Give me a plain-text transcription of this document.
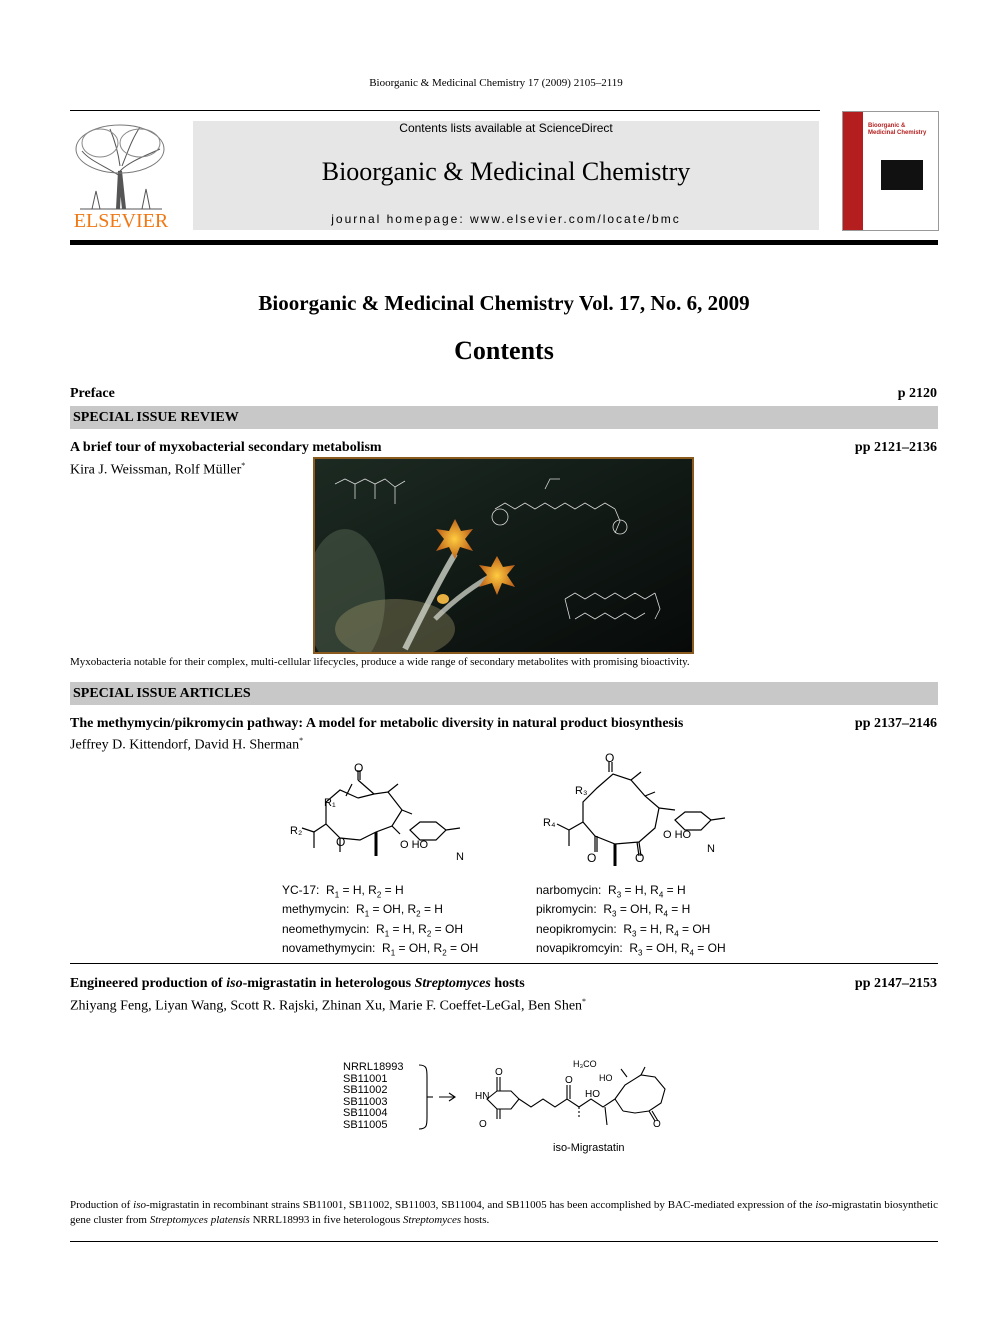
Bioorganic & Medicinal Chemistry 17 (2009) 2105–2119
ELSEVIER
Contents lists available at ScienceDirect
Bioorganic & Medicinal Chemistry
journal homepage: www.elsevier.com/locate/bmc
Bioorganic & Medicinal Chemistry
Bioorganic & Medicinal Chemistry Vol. 17, No. 6, 2009
Contents
Preface	p 2120
SPECIAL ISSUE REVIEW
A brief tour of myxobacterial secondary metabolism	pp 2121–2136
Kira J. Weissman, Rolf Müller*
Myxobacteria notable for their complex, multi-cellular lifecycles, produce a wide range of secondary metabolites with promising bioactivity.
SPECIAL ISSUE ARTICLES
The methymycin/pikromycin pathway: A model for metabolic diversity in natural product biosynthesis	pp 2137–2146
Jeffrey D. Kittendorf, David H. Sherman*
O
R₁
R₂
O	O HO
N
O
R₃
R₄
O	O
O HO
N
YC-17:  $R_1 = H$, $R_2 = H$
methymycin:  $R_1$ = OH, $R_2 = H$
neomethymycin:  $R_1 = H$, $R_2$ = OH
novamethymycin:  $R_1$ = OH, $R_2$ = OH
narbomycin:  $R_3 = H$, $R_4 = H$
pikromycin:  $R_3$ = OH, $R_4 = H$
neopikromycin:  $R_3 = H$, $R_4$ = OH
novapikromcyin:  $R_3$ = OH, $R_4$ = OH
Engineered production of iso-migrastatin in heterologous Streptomyces hosts	pp 2147–2153
Zhiyang Feng, Liyan Wang, Scott R. Rajski, Zhinan Xu, Marie F. Coeffet-LeGal, Ben Shen*
NRRL18993
SB11001
SB11002
SB11003
SB11004
SB11005
HN
O
O
O
H₃CO
HO
HO
O
iso-Migrastatin
Production of iso-migrastatin in recombinant strains SB11001, SB11002, SB11003, SB11004, and SB11005 has been accomplished by BAC-mediated expression of the iso-migrastatin biosynthetic gene cluster from Streptomyces platensis NRRL18993 in five heterologous Streptomyces hosts.
